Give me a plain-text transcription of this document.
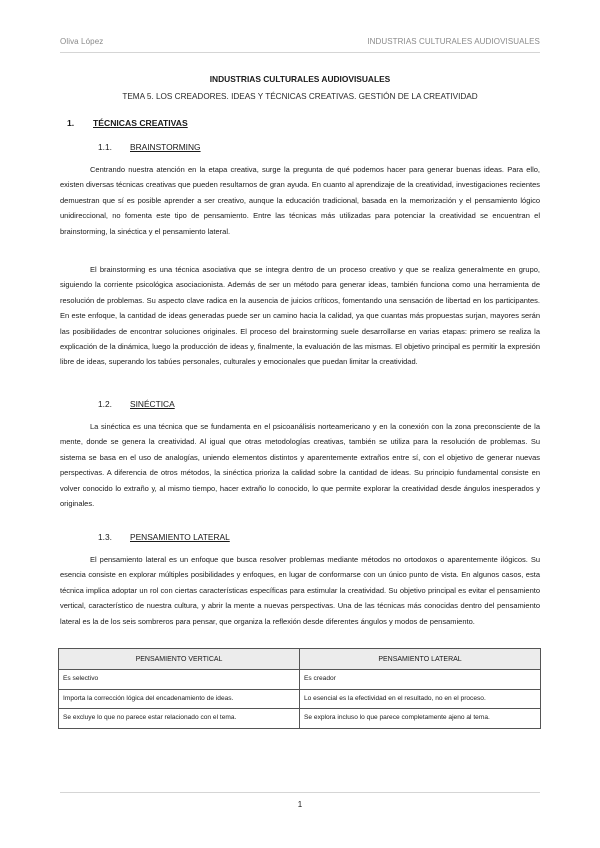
Oliva López	INDUSTRIAS CULTURALES AUDIOVISUALES
INDUSTRIAS CULTURALES AUDIOVISUALES
TEMA 5. LOS CREADORES. IDEAS Y TÉCNICAS CREATIVAS. GESTIÓN DE LA CREATIVIDAD
1. TÉCNICAS CREATIVAS
1.1. BRAINSTORMING

Centrando nuestra atención en la etapa creativa, surge la pregunta de qué podemos hacer para generar buenas ideas. Para ello, existen diversas técnicas creativas que pueden resultarnos de gran ayuda. En cuanto al aprendizaje de la creatividad, investigaciones recientes demuestran que sí es posible aprender a ser creativo, aunque la educación tradicional, basada en la memorización y el pensamiento lógico unidireccional, no fomenta este tipo de pensamiento. Entre las técnicas más utilizadas para potenciar la creatividad se encuentran el brainstorming, la sinéctica y el pensamiento lateral.

El brainstorming es una técnica asociativa que se integra dentro de un proceso creativo y que se realiza generalmente en grupo, siguiendo la corriente psicológica asociacionista. Además de ser un método para generar ideas, también funciona como una herramienta de resolución de problemas. Su aspecto clave radica en la ausencia de juicios críticos, fomentando una sensación de libertad en los participantes. En este enfoque, la cantidad de ideas generadas puede ser un camino hacia la calidad, ya que cuantas más propuestas surjan, mayores serán las posibilidades de encontrar soluciones originales. El proceso del brainstorming suele desarrollarse en varias etapas: primero se realiza la explicación de la dinámica, luego la producción de ideas y, finalmente, la evaluación de las mismas. El objetivo principal es permitir la expresión libre de ideas, superando los tabúes personales, culturales y emocionales que puedan limitar la creatividad.

1.2. SINÉCTICA

La sinéctica es una técnica que se fundamenta en el psicoanálisis norteamericano y en la conexión con la zona preconsciente de la mente, donde se genera la creatividad. Al igual que otras metodologías creativas, también se utiliza para la resolución de problemas. Su sistema se basa en el uso de analogías, uniendo elementos distintos y aparentemente extraños entre sí, con el objetivo de generar nuevas perspectivas. A diferencia de otros métodos, la sinéctica prioriza la calidad sobre la cantidad de ideas. Su principio fundamental consiste en volver conocido lo extraño y, al mismo tiempo, hacer extraño lo conocido, lo que permite explorar la creatividad desde ángulos inesperados y originales.

1.3. PENSAMIENTO LATERAL

El pensamiento lateral es un enfoque que busca resolver problemas mediante métodos no ortodoxos o aparentemente ilógicos. Su esencia consiste en explorar múltiples posibilidades y enfoques, en lugar de conformarse con un único punto de vista. En algunos casos, esta técnica implica adoptar un rol con ciertas características específicas para estimular la creatividad. Su objetivo principal es evitar el pensamiento vertical, característico de nuestra cultura, y abrir la mente a nuevas perspectivas. Una de las técnicas más conocidas dentro del pensamiento lateral es la de los seis sombreros para pensar, que organiza la reflexión desde diferentes ángulos y modos de pensamiento.

PENSAMIENTO VERTICAL	PENSAMIENTO LATERAL
Es selectivo	Es creador
Importa la corrección lógica del encadenamiento de ideas.	Lo esencial es la efectividad en el resultado, no en el proceso.
Se excluye lo que no parece estar relacionado con el tema.	Se explora incluso lo que parece completamente ajeno al tema.
1
